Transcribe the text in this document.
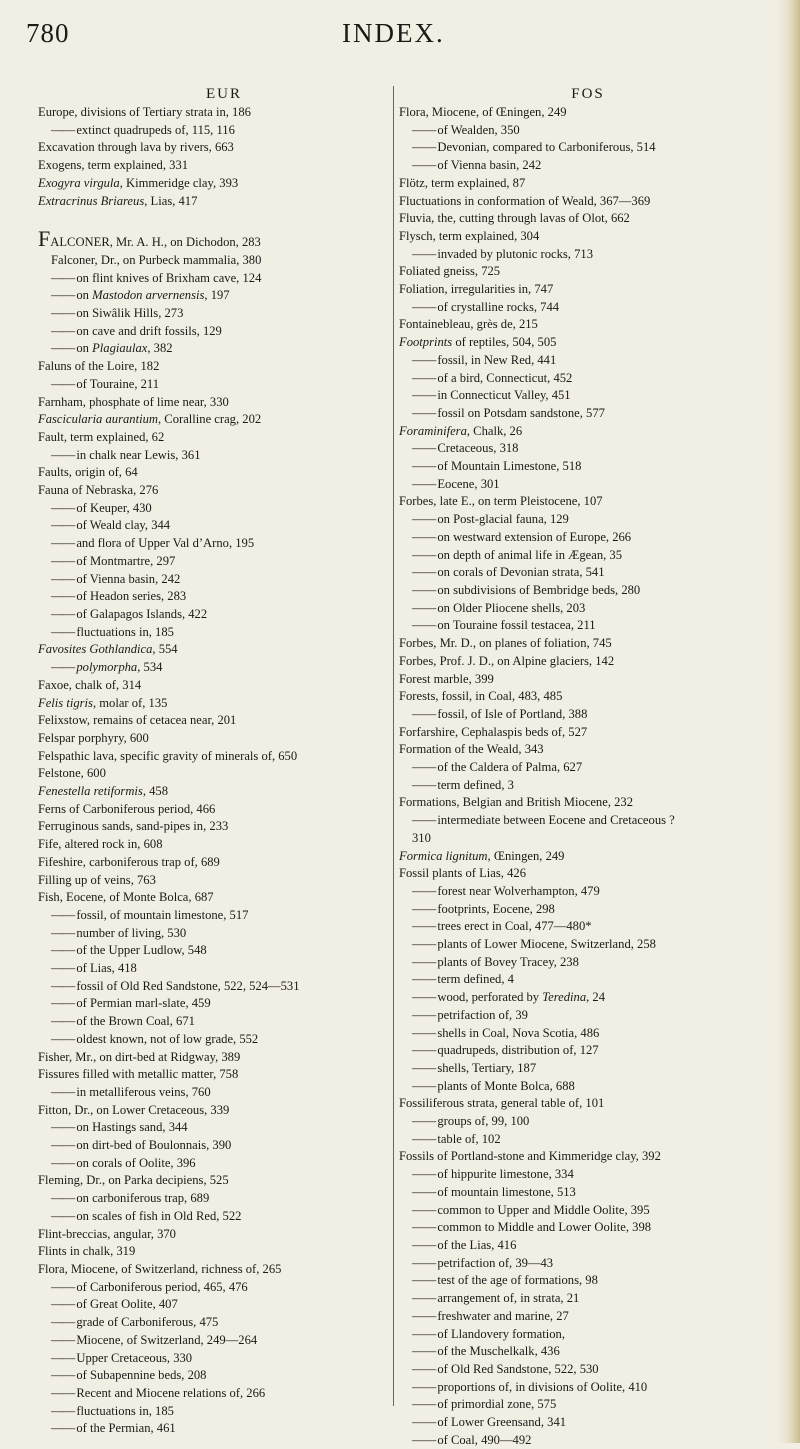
780	INDEX.
EUR
Europe, divisions of Tertiary strata in, 186
—— extinct quadrupeds of, 115, 116
Excavation through lava by rivers, 663
Exogens, term explained, 331
Exogyra virgula, Kimmeridge clay, 393
Extracrinus Briareus, Lias, 417
FALCONER, Mr. A. H., on Dichodon, 283
Falconer, Dr., on Purbeck mammalia, 380
—— on flint knives of Brixham cave, 124
—— on Mastodon arvernensis, 197
—— on Siwâlik Hills, 273
—— on cave and drift fossils, 129
—— on Plagiaulax, 382
Faluns of the Loire, 182
—— of Touraine, 211
Farnham, phosphate of lime near, 330
Fascicularia aurantium, Coralline crag, 202
Fault, term explained, 62
—— in chalk near Lewis, 361
Faults, origin of, 64
Fauna of Nebraska, 276
—— of Keuper, 430
—— of Weald clay, 344
—— and flora of Upper Val d’Arno, 195
—— of Montmartre, 297
—— of Vienna basin, 242
—— of Headon series, 283
—— of Galapagos Islands, 422
—— fluctuations in, 185
Favosites Gothlandica, 554
—— polymorpha, 534
Faxoe, chalk of, 314
Felis tigris, molar of, 135
Felixstow, remains of cetacea near, 201
Felspar porphyry, 600
Felspathic lava, specific gravity of minerals of, 650
Felstone, 600
Fenestella retiformis, 458
Ferns of Carboniferous period, 466
Ferruginous sands, sand-pipes in, 233
Fife, altered rock in, 608
Fifeshire, carboniferous trap of, 689
Filling up of veins, 763
Fish, Eocene, of Monte Bolca, 687
—— fossil, of mountain limestone, 517
—— number of living, 530
—— of the Upper Ludlow, 548
—— of Lias, 418
—— fossil of Old Red Sandstone, 522, 524—531
—— of Permian marl-slate, 459
—— of the Brown Coal, 671
—— oldest known, not of low grade, 552
Fisher, Mr., on dirt-bed at Ridgway, 389
Fissures filled with metallic matter, 758
—— in metalliferous veins, 760
Fitton, Dr., on Lower Cretaceous, 339
—— on Hastings sand, 344
—— on dirt-bed of Boulonnais, 390
—— on corals of Oolite, 396
Fleming, Dr., on Parka decipiens, 525
—— on carboniferous trap, 689
—— on scales of fish in Old Red, 522
Flint-breccias, angular, 370
Flints in chalk, 319
Flora, Miocene, of Switzerland, richness of, 265
—— of Carboniferous period, 465, 476
—— of Great Oolite, 407
—— grade of Carboniferous, 475
—— Miocene, of Switzerland, 249—264
—— Upper Cretaceous, 330
—— of Subapennine beds, 208
—— Recent and Miocene relations of, 266
—— fluctuations in, 185
—— of the Permian, 461
FOS
Flora, Miocene, of Œningen, 249
—— of Wealden, 350
—— Devonian, compared to Carboniferous, 514
—— of Vienna basin, 242
Flötz, term explained, 87
Fluctuations in conformation of Weald, 367—369
Fluvia, the, cutting through lavas of Olot, 662
Flysch, term explained, 304
—— invaded by plutonic rocks, 713
Foliated gneiss, 725
Foliation, irregularities in, 747
—— of crystalline rocks, 744
Fontainebleau, grès de, 215
Footprints of reptiles, 504, 505
—— fossil, in New Red, 441
—— of a bird, Connecticut, 452
—— in Connecticut Valley, 451
—— fossil on Potsdam sandstone, 577
Foraminifera, Chalk, 26
—— Cretaceous, 318
—— of Mountain Limestone, 518
—— Eocene, 301
Forbes, late E., on term Pleistocene, 107
—— on Post-glacial fauna, 129
—— on westward extension of Europe, 266
—— on depth of animal life in Ægean, 35
—— on corals of Devonian strata, 541
—— on subdivisions of Bembridge beds, 280
—— on Older Pliocene shells, 203
—— on Touraine fossil testacea, 211
Forbes, Mr. D., on planes of foliation, 745
Forbes, Prof. J. D., on Alpine glaciers, 142
Forest marble, 399
Forests, fossil, in Coal, 483, 485
—— fossil, of Isle of Portland, 388
Forfarshire, Cephalaspis beds of, 527
Formation of the Weald, 343
—— of the Caldera of Palma, 627
—— term defined, 3
Formations, Belgian and British Miocene, 232
—— intermediate between Eocene and Cretaceous ?
310
Formica lignitum, Œningen, 249
Fossil plants of Lias, 426
—— forest near Wolverhampton, 479
—— footprints, Eocene, 298
—— trees erect in Coal, 477—480*
—— plants of Lower Miocene, Switzerland, 258
—— plants of Bovey Tracey, 238
—— term defined, 4
—— wood, perforated by Teredina, 24
—— petrifaction of, 39
—— shells in Coal, Nova Scotia, 486
—— quadrupeds, distribution of, 127
—— shells, Tertiary, 187
—— plants of Monte Bolca, 688
Fossiliferous strata, general table of, 101
—— groups of, 99, 100
—— table of, 102
Fossils of Portland-stone and Kimmeridge clay, 392
—— of hippurite limestone, 334
—— of mountain limestone, 513
—— common to Upper and Middle Oolite, 395
—— common to Middle and Lower Oolite, 398
—— of the Lias, 416
—— petrifaction of, 39—43
—— test of the age of formations, 98
—— arrangement of, in strata, 21
—— freshwater and marine, 27
—— of Llandovery formation,
—— of the Muschelkalk, 436
—— of Old Red Sandstone, 522, 530
—— proportions of, in divisions of Oolite, 410
—— of primordial zone, 575
—— of Lower Greensand, 341
—— of Coal, 490—492
